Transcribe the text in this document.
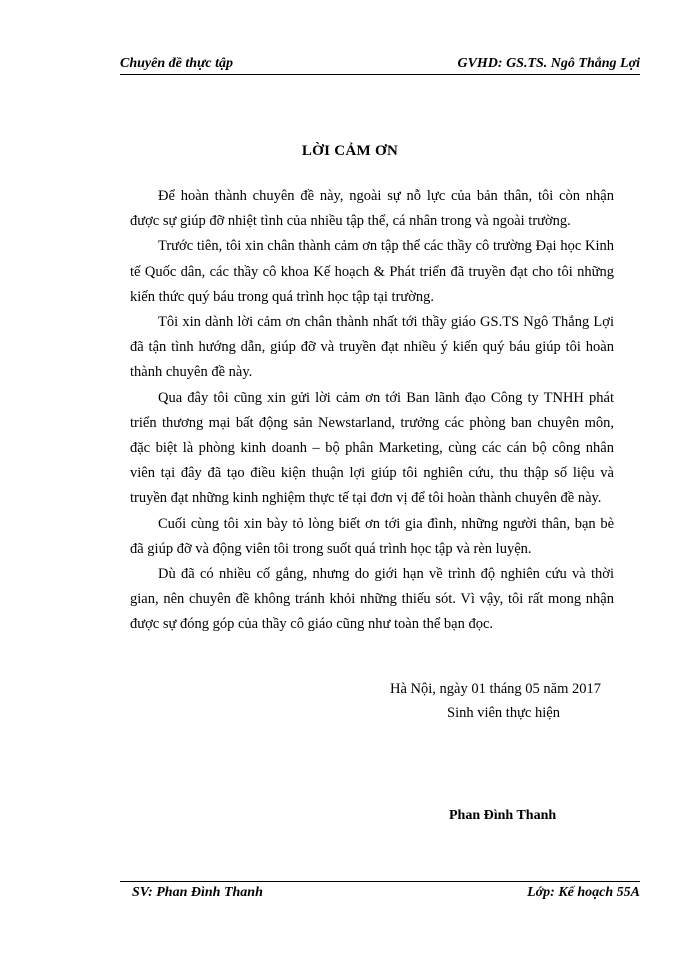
Chuyên đề thực tập	GVHD: GS.TS. Ngô Thắng Lợi
LỜI CẢM ƠN

Để hoàn thành chuyên đề này, ngoài sự nỗ lực của bản thân, tôi còn nhận được sự giúp đỡ nhiệt tình của nhiều tập thể, cá nhân trong và ngoài trường.

Trước tiên, tôi xin chân thành cảm ơn tập thể các thầy cô trường Đại học Kinh tế Quốc dân, các thầy cô khoa Kế hoạch & Phát triển đã truyền đạt cho tôi những kiến thức quý báu trong quá trình học tập tại trường.

Tôi xin dành lời cảm ơn chân thành nhất tới thầy giáo GS.TS Ngô Thắng Lợi đã tận tình hướng dẫn, giúp đỡ và truyền đạt nhiều ý kiến quý báu giúp tôi hoàn thành chuyên đề này.

Qua đây tôi cũng xin gửi lời cảm ơn tới Ban lãnh đạo Công ty TNHH phát triển thương mại bất động sản Newstarland, trưởng các phòng ban chuyên môn, đặc biệt là phòng kinh doanh – bộ phân Marketing, cùng các cán bộ công nhân viên tại đây đã tạo điều kiện thuận lợi giúp tôi nghiên cứu, thu thập số liệu và truyền đạt những kinh nghiệm thực tế tại đơn vị để tôi hoàn thành chuyên đề này.

Cuối cùng tôi xin bày tỏ lòng biết ơn tới gia đình, những người thân, bạn bè đã giúp đỡ và động viên tôi trong suốt quá trình học tập và rèn luyện.

Dù đã có nhiều cố gắng, nhưng do giới hạn về trình độ nghiên cứu và thời gian, nên chuyên đề không tránh khỏi những thiếu sót. Vì vậy, tôi rất mong nhận được sự đóng góp của thầy cô giáo cũng như toàn thể bạn đọc.

Hà Nội, ngày 01 tháng 05 năm 2017
Sinh viên thực hiện
Phan Đình Thanh
SV: Phan Đình Thanh	Lớp: Kế hoạch 55A
